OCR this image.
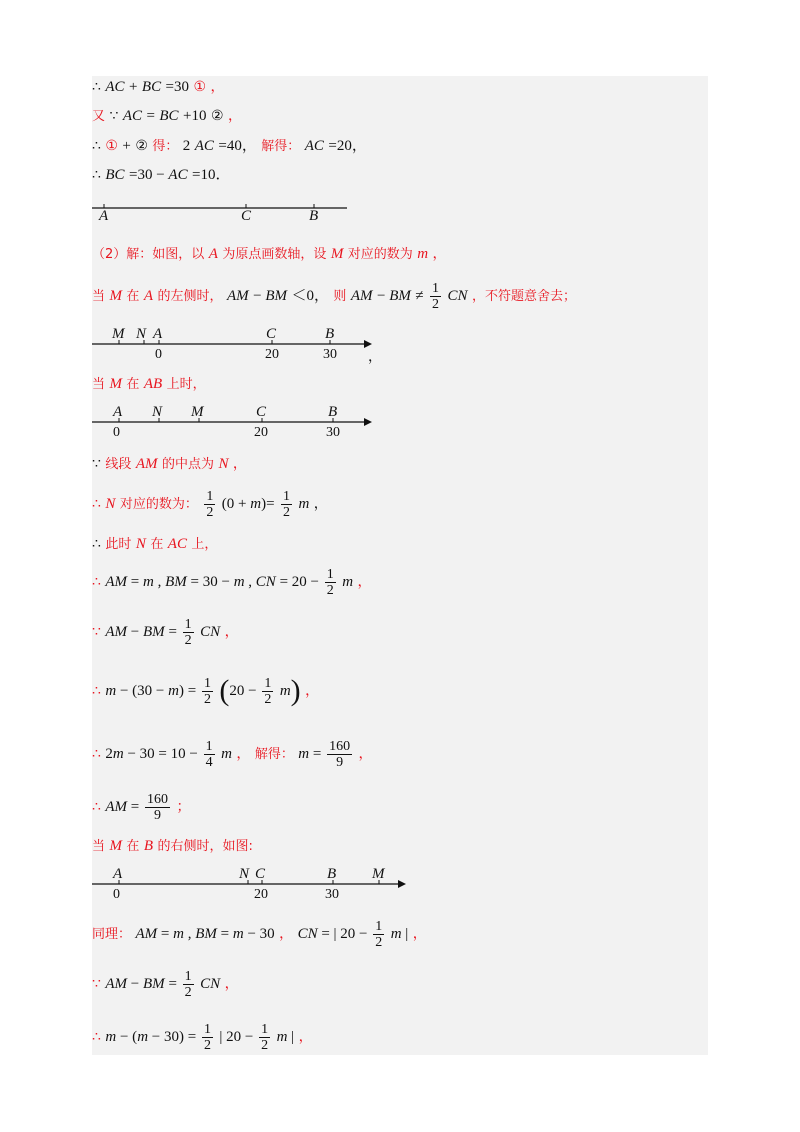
∴ AC + BC =30 ① ，
又 ∵ AC = BC +10 ② ，
∴ ① + ② 得： 2 AC =40， 解得： AC =20，
∴ BC =30 − AC =10．
A	C	B
（2）解：如图，以 A 为原点画数轴，设 M 对应的数为 m ，
当 M 在 A 的左侧时， AM − BM ＜0， 则 AM − BM ≠ $\frac{1}{2}$ CN ，不符题意舍去；
M N A	C	B
0	20	30 ，
当 M 在 AB 上时，
A N M	C	B
0	20	30
∵ 线段 AM 的中点为 N ，
∴ N 对应的数为： $\frac{1}{2} (0 + m)= \frac{1}{2}$ m ，
∴ 此时 N 在 AC 上，
∴ AM = m , BM = 30 − m , CN = $20 - \frac{1}{2}$ m ，
∵ AM − BM = $\frac{1}{2}$ CN ，
∴ $m - (30 - m) = \frac{1}{2} (20 - \frac{1}{2} m)$ ，
∴ $2m - 30 = 10 - \frac{1}{4}$ m ， 解得： $m = \frac{160}{9}$ ，
∴ AM = $\frac{160}{9}$ ；
当 M 在 B 的右侧时，如图:
A	N C	B M
0	20	30
同理： AM = m , BM = m − 30 ， CN = | $20 - \frac{1}{2}$ m | ，
∵ AM − BM = $\frac{1}{2}$ CN ，
∴ $m - (m - 30) = \frac{1}{2}$ | $20 - \frac{1}{2}$ m | ，
